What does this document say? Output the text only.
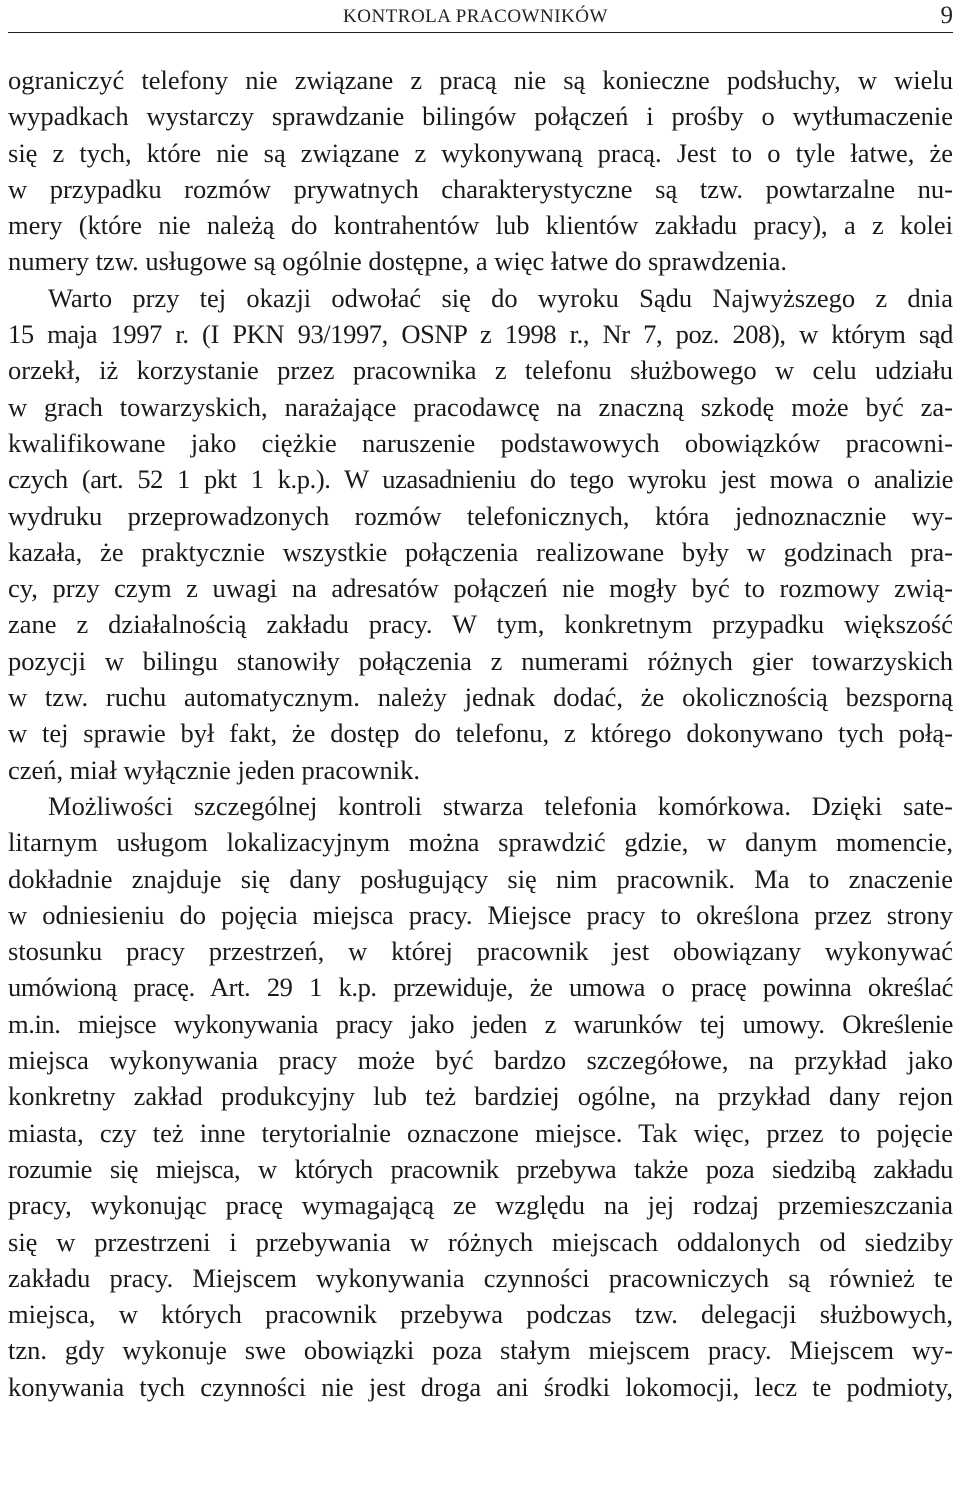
KONTROLA PRACOWNIKÓW	9
ograniczyć telefony nie związane z pracą nie są konieczne podsłuchy, w wielu
wypadkach wystarczy sprawdzanie bilingów połączeń i prośby o wytłumaczenie
się z tych, które nie są związane z wykonywaną pracą. Jest to o tyle łatwe, że
w przypadku rozmów prywatnych charakterystyczne są tzw. powtarzalne nu-
mery (które nie należą do kontrahentów lub klientów zakładu pracy), a z kolei
numery tzw. usługowe są ogólnie dostępne, a więc łatwe do sprawdzenia.
Warto przy tej okazji odwołać się do wyroku Sądu Najwyższego z dnia
15 maja 1997 r. (I PKN 93/1997, OSNP z 1998 r., Nr 7, poz. 208), w którym sąd
orzekł, iż korzystanie przez pracownika z telefonu służbowego w celu udziału
w grach towarzyskich, narażające pracodawcę na znaczną szkodę może być za-
kwalifikowane jako ciężkie naruszenie podstawowych obowiązków pracowni-
czych (art. 52 1 pkt 1 k.p.). W uzasadnieniu do tego wyroku jest mowa o analizie
wydruku przeprowadzonych rozmów telefonicznych, która jednoznacznie wy-
kazała, że praktycznie wszystkie połączenia realizowane były w godzinach pra-
cy, przy czym z uwagi na adresatów połączeń nie mogły być to rozmowy zwią-
zane z działalnością zakładu pracy. W tym, konkretnym przypadku większość
pozycji w bilingu stanowiły połączenia z numerami różnych gier towarzyskich
w tzw. ruchu automatycznym. należy jednak dodać, że okolicznością bezsporną
w tej sprawie był fakt, że dostęp do telefonu, z którego dokonywano tych połą-
czeń, miał wyłącznie jeden pracownik.
Możliwości szczególnej kontroli stwarza telefonia komórkowa. Dzięki sate-
litarnym usługom lokalizacyjnym można sprawdzić gdzie, w danym momencie,
dokładnie znajduje się dany posługujący się nim pracownik. Ma to znaczenie
w odniesieniu do pojęcia miejsca pracy. Miejsce pracy to określona przez strony
stosunku pracy przestrzeń, w której pracownik jest obowiązany wykonywać
umówioną pracę. Art. 29 1 k.p. przewiduje, że umowa o pracę powinna określać
m.in. miejsce wykonywania pracy jako jeden z warunków tej umowy. Określenie
miejsca wykonywania pracy może być bardzo szczegółowe, na przykład jako
konkretny zakład produkcyjny lub też bardziej ogólne, na przykład dany rejon
miasta, czy też inne terytorialnie oznaczone miejsce. Tak więc, przez to pojęcie
rozumie się miejsca, w których pracownik przebywa także poza siedzibą zakładu
pracy, wykonując pracę wymagającą ze względu na jej rodzaj przemieszczania
się w przestrzeni i przebywania w różnych miejscach oddalonych od siedziby
zakładu pracy. Miejscem wykonywania czynności pracowniczych są również te
miejsca, w których pracownik przebywa podczas tzw. delegacji służbowych,
tzn. gdy wykonuje swe obowiązki poza stałym miejscem pracy. Miejscem wy-
konywania tych czynności nie jest droga ani środki lokomocji, lecz te podmioty,
